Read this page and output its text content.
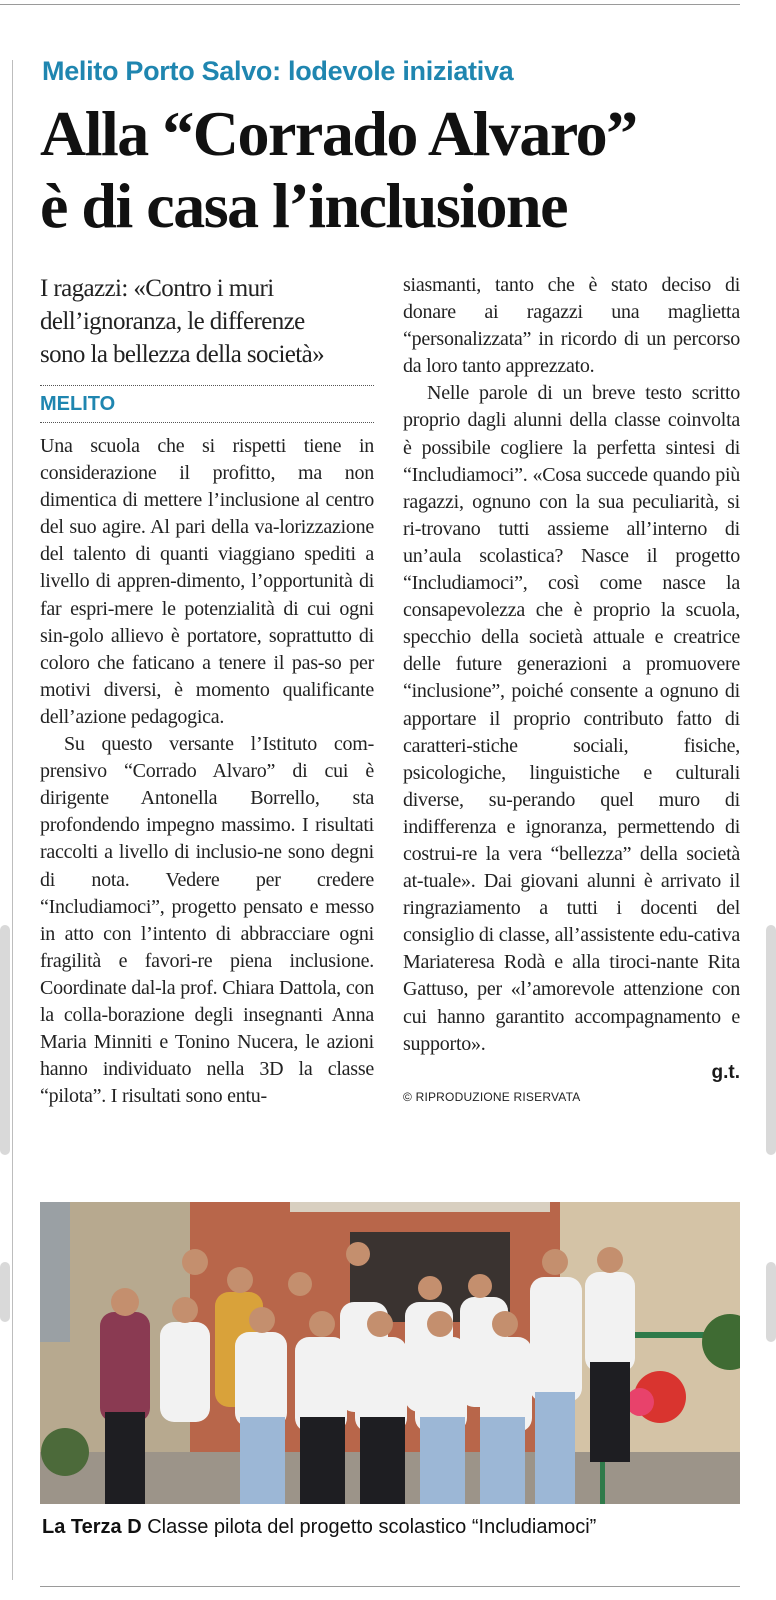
Melito Porto Salvo: lodevole iniziativa
Alla “Corrado Alvaro”
è di casa l’inclusione
I ragazzi: «Contro i muri
dell’ignoranza, le differenze
sono la bellezza della società»
MELITO

Una scuola che si rispetti tiene in considerazione il profitto, ma non dimentica di mettere l’inclusione al centro del suo agire. Al pari della va-lorizzazione del talento di quanti viaggiano spediti a livello di appren-dimento, l’opportunità di far espri-mere le potenzialità di cui ogni sin-golo allievo è portatore, soprattutto di coloro che faticano a tenere il pas-so per motivi diversi, è momento qualificante dell’azione pedagogica.

Su questo versante l’Istituto com-prensivo “Corrado Alvaro” di cui è dirigente Antonella Borrello, sta profondendo impegno massimo. I risultati raccolti a livello di inclusio-ne sono degni di nota. Vedere per credere “Includiamoci”, progetto pensato e messo in atto con l’intento di abbracciare ogni fragilità e favori-re piena inclusione. Coordinate dal-la prof. Chiara Dattola, con la colla-borazione degli insegnanti Anna Maria Minniti e Tonino Nucera, le azioni hanno individuato nella 3D la classe “pilota”. I risultati sono entu-

siasmanti, tanto che è stato deciso di donare ai ragazzi una maglietta “personalizzata” in ricordo di un percorso da loro tanto apprezzato.

Nelle parole di un breve testo scritto proprio dagli alunni della classe coinvolta è possibile cogliere la perfetta sintesi di “Includiamoci”. «Cosa succede quando più ragazzi, ognuno con la sua peculiarità, si ri-trovano tutti assieme all’interno di un’aula scolastica? Nasce il progetto “Includiamoci”, così come nasce la consapevolezza che è proprio la scuola, specchio della società attuale e creatrice delle future generazioni a promuovere “inclusione”, poiché consente a ognuno di apportare il proprio contributo fatto di caratteri-stiche sociali, fisiche, psicologiche, linguistiche e culturali diverse, su-perando quel muro di indifferenza e ignoranza, permettendo di costrui-re la vera “bellezza” della società at-tuale». Dai giovani alunni è arrivato il ringraziamento a tutti i docenti del consiglio di classe, all’assistente edu-cativa Mariateresa Rodà e alla tiroci-nante Rita Gattuso, per «l’amorevole attenzione con cui hanno garantito accompagnamento e supporto».

g.t.
© RIPRODUZIONE RISERVATA
La Terza D Classe pilota del progetto scolastico “Includiamoci”
